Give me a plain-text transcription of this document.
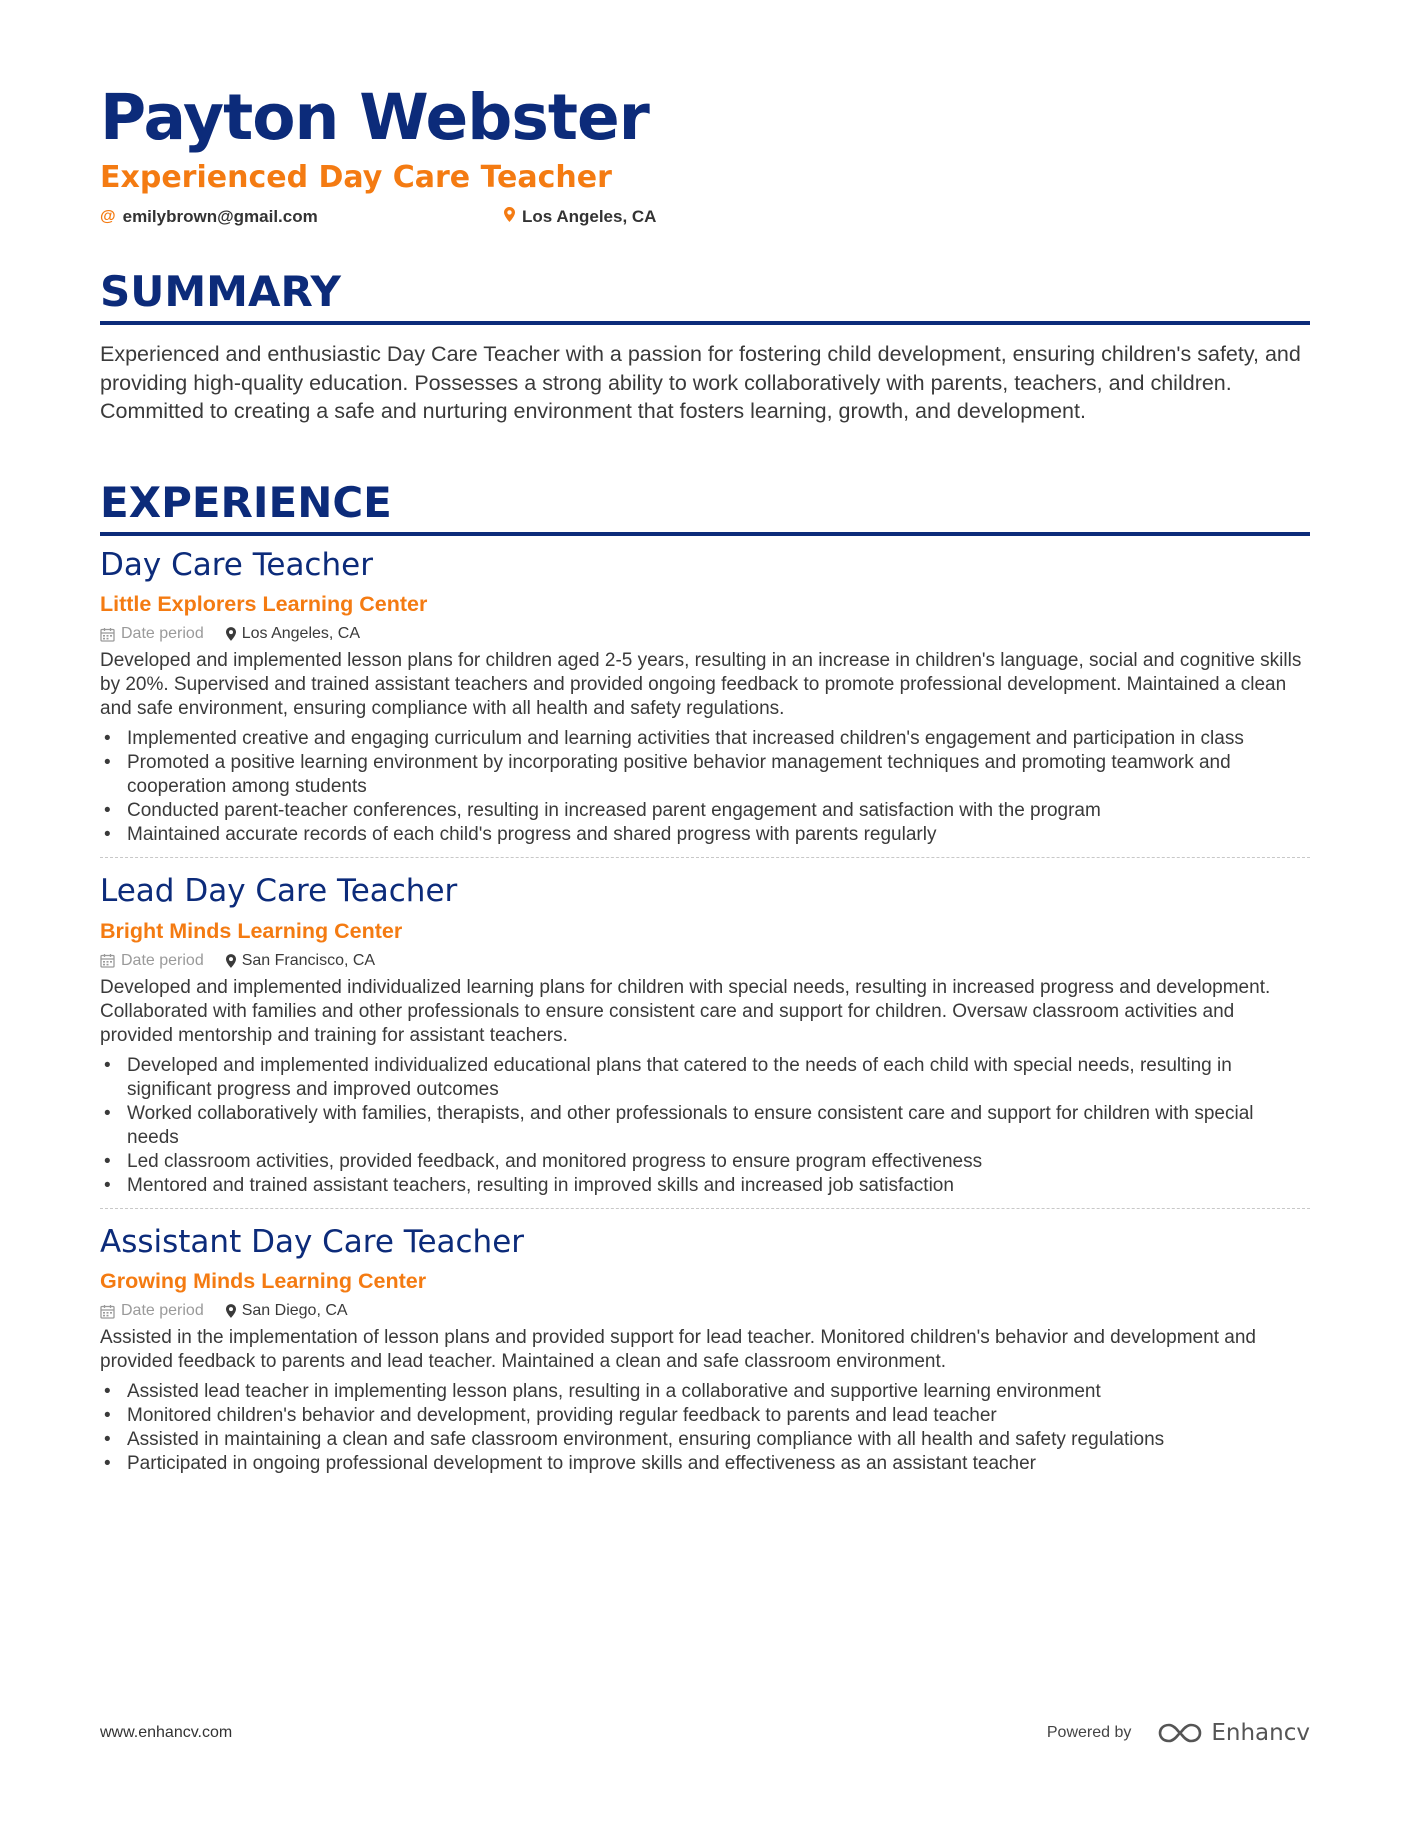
Payton Webster
Experienced Day Care Teacher
@ emilybrown@gmail.com	Los Angeles, CA
SUMMARY

Experienced and enthusiastic Day Care Teacher with a passion for fostering child development, ensuring children's safety, and providing high-quality education. Possesses a strong ability to work collaboratively with parents, teachers, and children. Committed to creating a safe and nurturing environment that fosters learning, growth, and development.

EXPERIENCE
Day Care Teacher
Little Explorers Learning Center
Date period Los Angeles, CA
Developed and implemented lesson plans for children aged 2-5 years, resulting in an increase in children's language, social and cognitive skills by 20%. Supervised and trained assistant teachers and provided ongoing feedback to promote professional development. Maintained a clean and safe environment, ensuring compliance with all health and safety regulations.
• Implemented creative and engaging curriculum and learning activities that increased children's engagement and participation in class
• Promoted a positive learning environment by incorporating positive behavior management techniques and promoting teamwork and cooperation among students
• Conducted parent-teacher conferences, resulting in increased parent engagement and satisfaction with the program
• Maintained accurate records of each child's progress and shared progress with parents regularly
Lead Day Care Teacher
Bright Minds Learning Center
Date period San Francisco, CA
Developed and implemented individualized learning plans for children with special needs, resulting in increased progress and development. Collaborated with families and other professionals to ensure consistent care and support for children. Oversaw classroom activities and provided mentorship and training for assistant teachers.
• Developed and implemented individualized educational plans that catered to the needs of each child with special needs, resulting in significant progress and improved outcomes
• Worked collaboratively with families, therapists, and other professionals to ensure consistent care and support for children with special needs
• Led classroom activities, provided feedback, and monitored progress to ensure program effectiveness
• Mentored and trained assistant teachers, resulting in improved skills and increased job satisfaction
Assistant Day Care Teacher
Growing Minds Learning Center
Date period San Diego, CA
Assisted in the implementation of lesson plans and provided support for lead teacher. Monitored children's behavior and development and provided feedback to parents and lead teacher. Maintained a clean and safe classroom environment.
• Assisted lead teacher in implementing lesson plans, resulting in a collaborative and supportive learning environment
• Monitored children's behavior and development, providing regular feedback to parents and lead teacher
• Assisted in maintaining a clean and safe classroom environment, ensuring compliance with all health and safety regulations
• Participated in ongoing professional development to improve skills and effectiveness as an assistant teacher
www.enhancv.com	Powered by	Enhancv
